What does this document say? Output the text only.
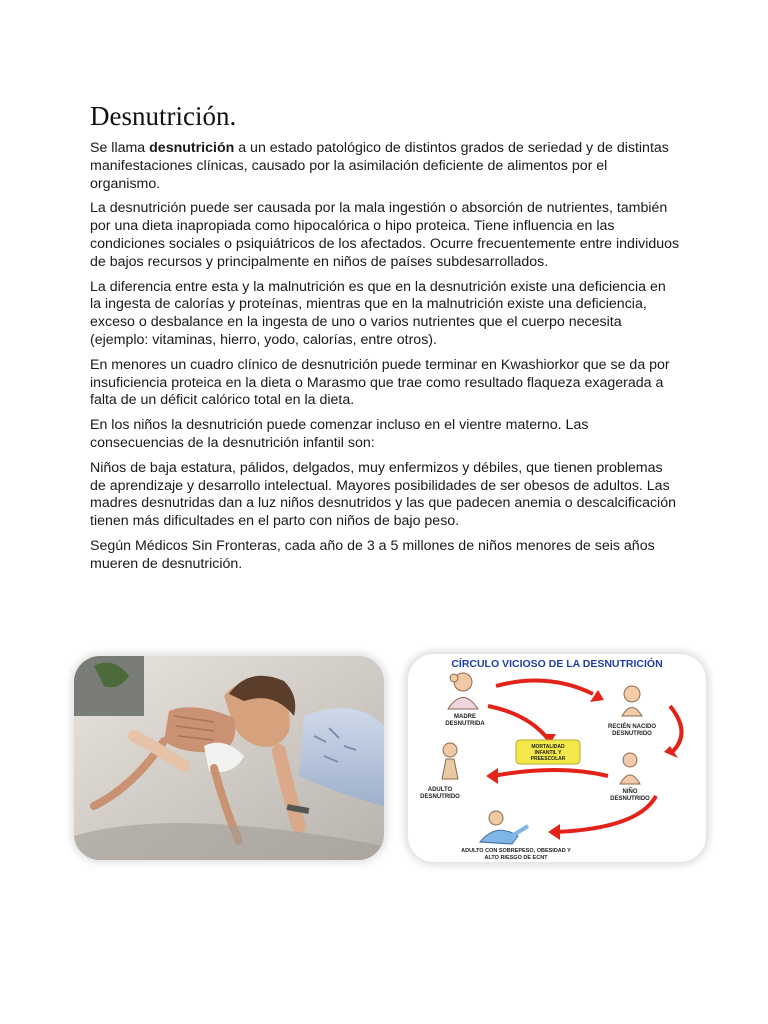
Desnutrición.

Se llama desnutrición a un estado patológico de distintos grados de seriedad y de distintas manifestaciones clínicas, causado por la asimilación deficiente de alimentos por el organismo.

La desnutrición puede ser causada por la mala ingestión o absorción de nutrientes, también por una dieta inapropiada como hipocalórica o hipo proteica. Tiene influencia en las condiciones sociales o psiquiátricos de los afectados. Ocurre frecuentemente entre individuos de bajos recursos y principalmente en niños de países subdesarrollados.

La diferencia entre esta y la malnutrición es que en la desnutrición existe una deficiencia en la ingesta de calorías y proteínas, mientras que en la malnutrición existe una deficiencia, exceso o desbalance en la ingesta de uno o varios nutrientes que el cuerpo necesita (ejemplo: vitaminas, hierro, yodo, calorías, entre otros).

En menores un cuadro clínico de desnutrición puede terminar en Kwashiorkor que se da por insuficiencia proteica en la dieta o Marasmo que trae como resultado flaqueza exagerada a falta de un déficit calórico total en la dieta.

En los niños la desnutrición puede comenzar incluso en el vientre materno. Las consecuencias de la desnutrición infantil son:

Niños de baja estatura, pálidos, delgados, muy enfermizos y débiles, que tienen problemas de aprendizaje y desarrollo intelectual. Mayores posibilidades de ser obesos de adultos. Las madres desnutridas dan a luz niños desnutridos y las que padecen anemia o descalcificación tienen más dificultades en el parto con niños de bajo peso.

Según Médicos Sin Fronteras, cada año de 3 a 5 millones de niños menores de seis años mueren de desnutrición.

CÍRCULO VICIOSO DE LA DESNUTRICIÓN
MADRE
DESNUTRIDA	RECIÉN NACIDO
DESNUTRIDO
MORTALIDAD
INFANTIL Y
PREESCOLAR
ADULTO
DESNUTRIDO
NIÑO
DESNUTRIDO
ADULTO CON SOBREPESO, OBESIDAD Y
ALTO RIESGO DE ECNT
